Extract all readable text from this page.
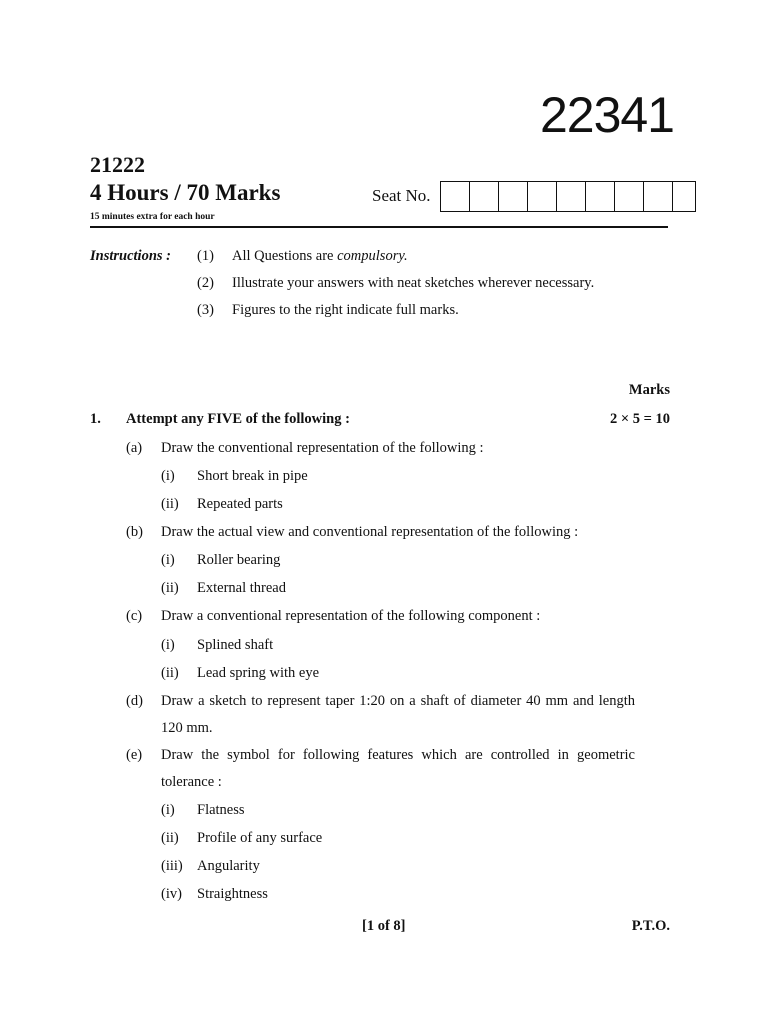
22341
21222
4 Hours / 70 Marks
15 minutes extra for each hour
Seat No.
Instructions : (1) All Questions are compulsory.
(2) Illustrate your answers with neat sketches wherever necessary.
(3) Figures to the right indicate full marks.
Marks
1. Attempt any FIVE of the following :	2 × 5 = 10
(a) Draw the conventional representation of the following :
(i) Short break in pipe
(ii) Repeated parts
(b) Draw the actual view and conventional representation of the following :
(i) Roller bearing
(ii) External thread
(c) Draw a conventional representation of the following component :
(i) Splined shaft
(ii) Lead spring with eye
(d) Draw a sketch to represent taper 1:20 on a shaft of diameter 40 mm and length
120 mm.
(e) Draw the symbol for following features which are controlled in geometric
tolerance :
(i) Flatness
(ii) Profile of any surface
(iii) Angularity
(iv) Straightness
[1 of 8]	P.T.O.
